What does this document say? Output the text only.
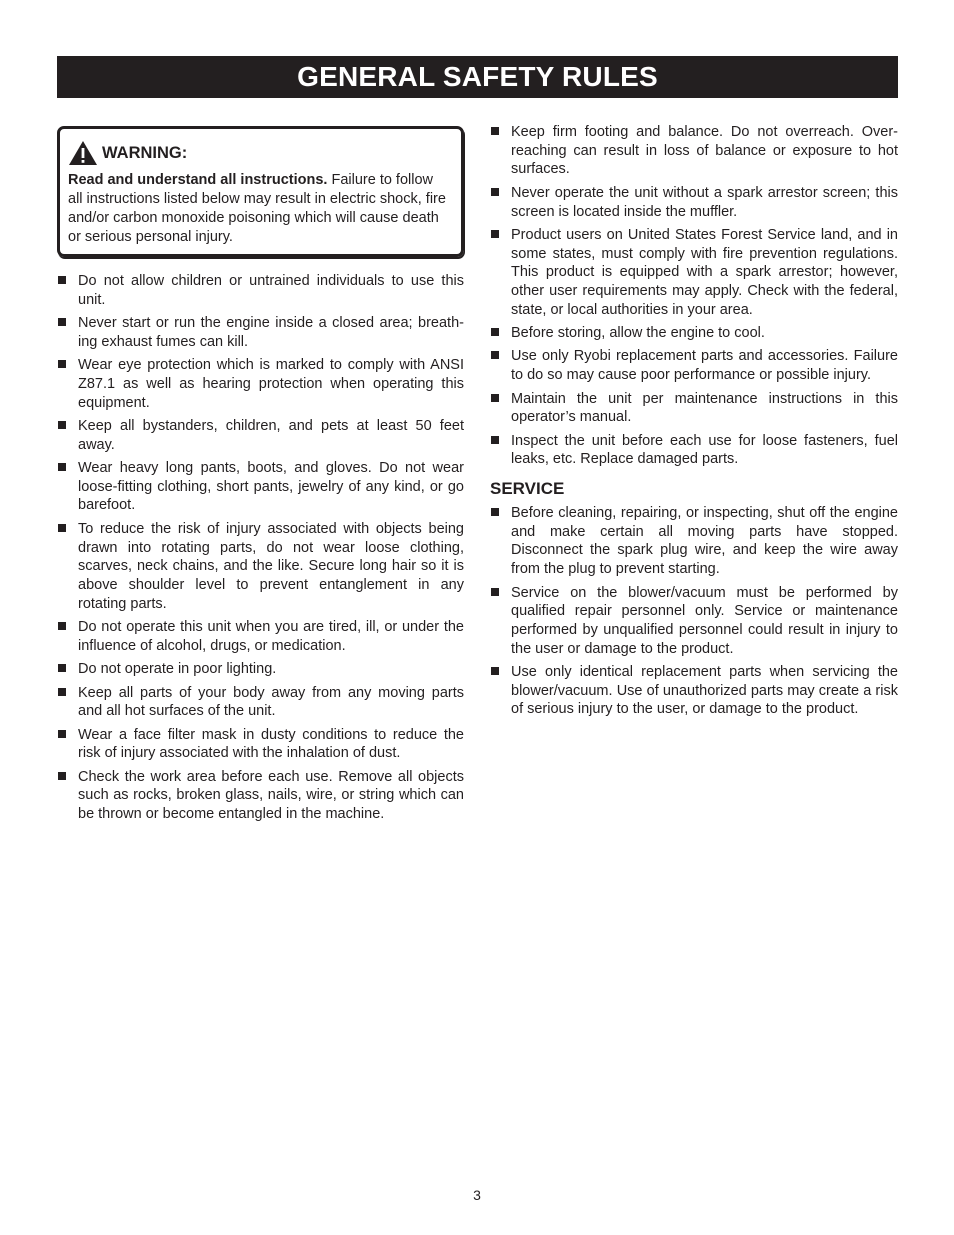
GENERAL SAFETY RULES
WARNING:
Read and understand all instructions. Failure to follow all instructions listed below may result in electric shock, fire and/or carbon monoxide poisoning which will cause death or serious personal injury.
Do not allow children or untrained individuals to use this unit.
Never start or run the engine inside a closed area; breathing exhaust fumes can kill.
Wear eye protection which is marked to comply with ANSI Z87.1 as well as hearing protection when operating this equipment.
Keep all bystanders, children, and pets at least 50 feet away.
Wear heavy long pants, boots, and gloves. Do not wear loose-fitting clothing, short pants, jewelry of any kind, or go barefoot.
To reduce the risk of injury associated with objects being drawn into rotating parts, do not wear loose clothing, scarves, neck chains, and the like. Secure long hair so it is above shoulder level to prevent entanglement in any rotating parts.
Do not operate this unit when you are tired, ill, or under the influence of alcohol, drugs, or medication.
Do not operate in poor lighting.
Keep all parts of your body away from any moving parts and all hot surfaces of the unit.
Wear a face filter mask in dusty conditions to reduce the risk of injury associated with the inhalation of dust.
Check the work area before each use. Remove all objects such as rocks, broken glass, nails, wire, or string which can be thrown or become entangled in the machine.
Keep firm footing and balance. Do not overreach. Overreaching can result in loss of balance or exposure to hot surfaces.
Never operate the unit without a spark arrestor screen; this screen is located inside the muffler.
Product users on United States Forest Service land, and in some states, must comply with fire prevention regulations. This product is equipped with a spark arrestor; however, other user requirements may apply. Check with the federal, state, or local authorities in your area.
Before storing, allow the engine to cool.
Use only Ryobi replacement parts and accessories. Failure to do so may cause poor performance or possible injury.
Maintain the unit per maintenance instructions in this operator’s manual.
Inspect the unit before each use for loose fasteners, fuel leaks, etc. Replace damaged parts.
SERVICE
Before cleaning, repairing, or inspecting, shut off the engine and make certain all moving parts have stopped. Disconnect the spark plug wire, and keep the wire away from the plug to prevent starting.
Service on the blower/vacuum must be performed by qualified repair personnel only. Service or maintenance performed by unqualified personnel could result in injury to the user or damage to the product.
Use only identical replacement parts when servicing the blower/vacuum. Use of unauthorized parts may create a risk of serious injury to the user, or damage to the product.
3
